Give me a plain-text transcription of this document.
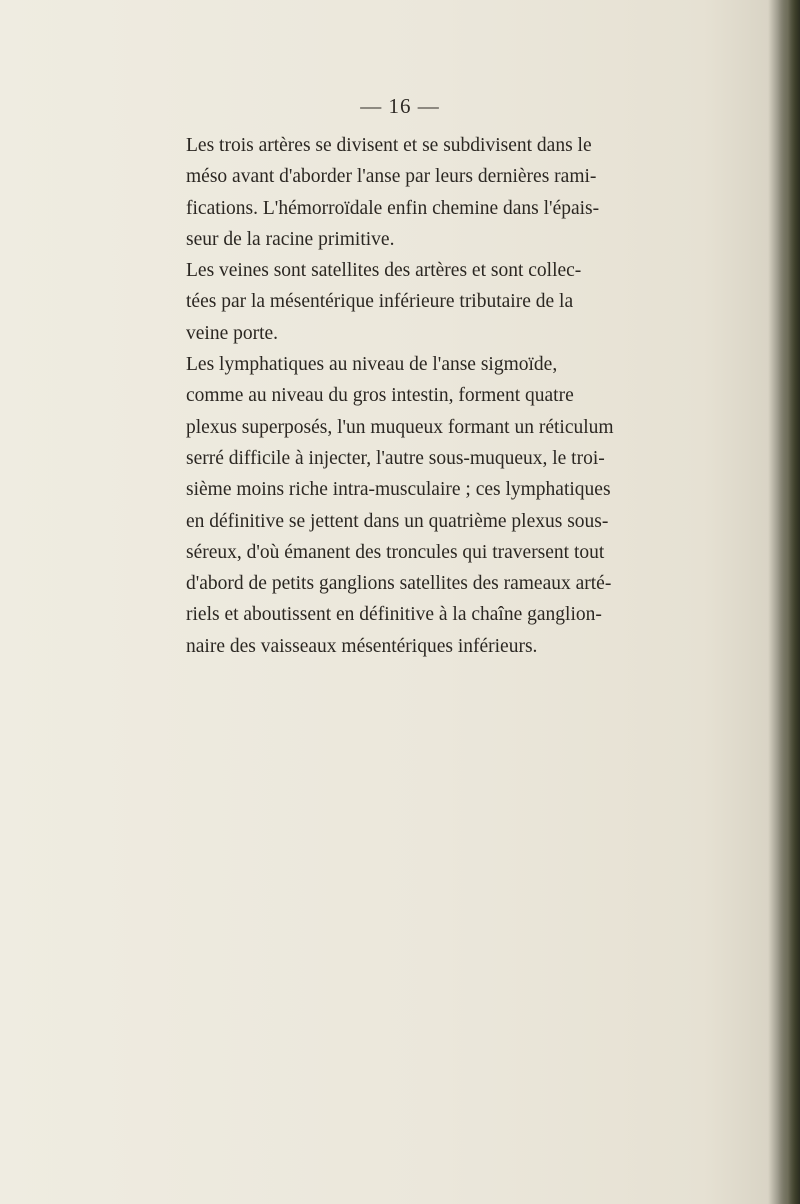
— 16 —

Les trois artères se divisent et se subdivisent dans le
méso avant d'aborder l'anse par leurs dernières rami-
fications. L'hémorroïdale enfin chemine dans l'épais-
seur de la racine primitive.

Les veines sont satellites des artères et sont collec-
tées par la mésentérique inférieure tributaire de la
veine porte.

Les lymphatiques au niveau de l'anse sigmoïde,
comme au niveau du gros intestin, forment quatre
plexus superposés, l'un muqueux formant un réticulum
serré difficile à injecter, l'autre sous-muqueux, le troi-
sième moins riche intra-musculaire ; ces lymphatiques
en définitive se jettent dans un quatrième plexus sous-
séreux, d'où émanent des troncules qui traversent tout
d'abord de petits ganglions satellites des rameaux arté-
riels et aboutissent en définitive à la chaîne ganglion-
naire des vaisseaux mésentériques inférieurs.
